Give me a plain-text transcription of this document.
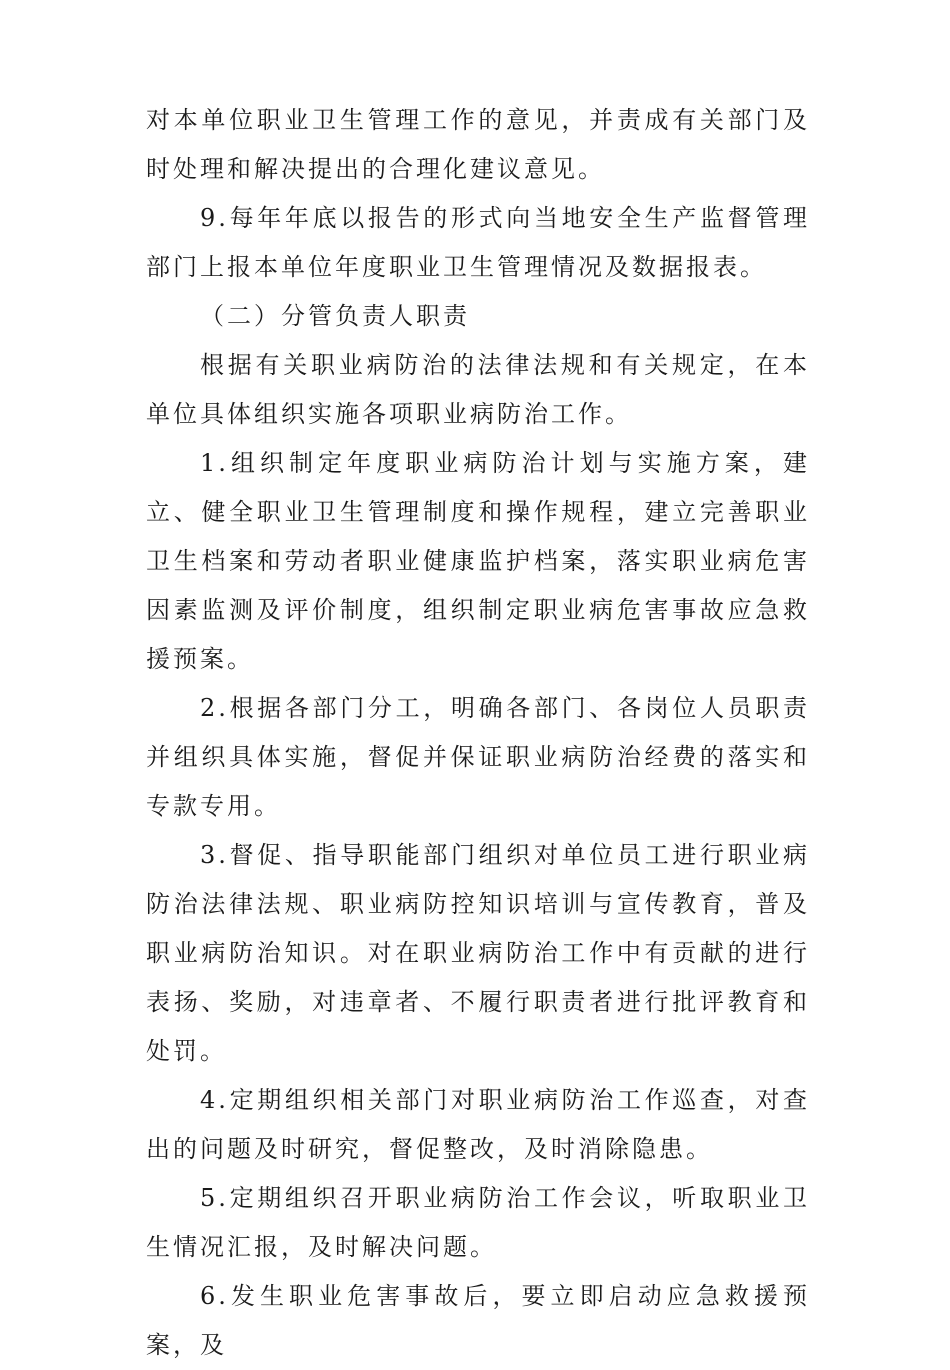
对本单位职业卫生管理工作的意见，并责成有关部门及时处理和解决提出的合理化建议意见。

9.每年年底以报告的形式向当地安全生产监督管理部门上报本单位年度职业卫生管理情况及数据报表。

（二）分管负责人职责

根据有关职业病防治的法律法规和有关规定，在本单位具体组织实施各项职业病防治工作。

1.组织制定年度职业病防治计划与实施方案，建立、健全职业卫生管理制度和操作规程，建立完善职业卫生档案和劳动者职业健康监护档案，落实职业病危害因素监测及评价制度，组织制定职业病危害事故应急救援预案。

2.根据各部门分工，明确各部门、各岗位人员职责并组织具体实施，督促并保证职业病防治经费的落实和专款专用。

3.督促、指导职能部门组织对单位员工进行职业病防治法律法规、职业病防控知识培训与宣传教育，普及职业病防治知识。对在职业病防治工作中有贡献的进行表扬、奖励，对违章者、不履行职责者进行批评教育和处罚。

4.定期组织相关部门对职业病防治工作巡查，对查出的问题及时研究，督促整改，及时消除隐患。

5.定期组织召开职业病防治工作会议，听取职业卫生情况汇报，及时解决问题。

6.发生职业危害事故后，要立即启动应急救援预案，及
